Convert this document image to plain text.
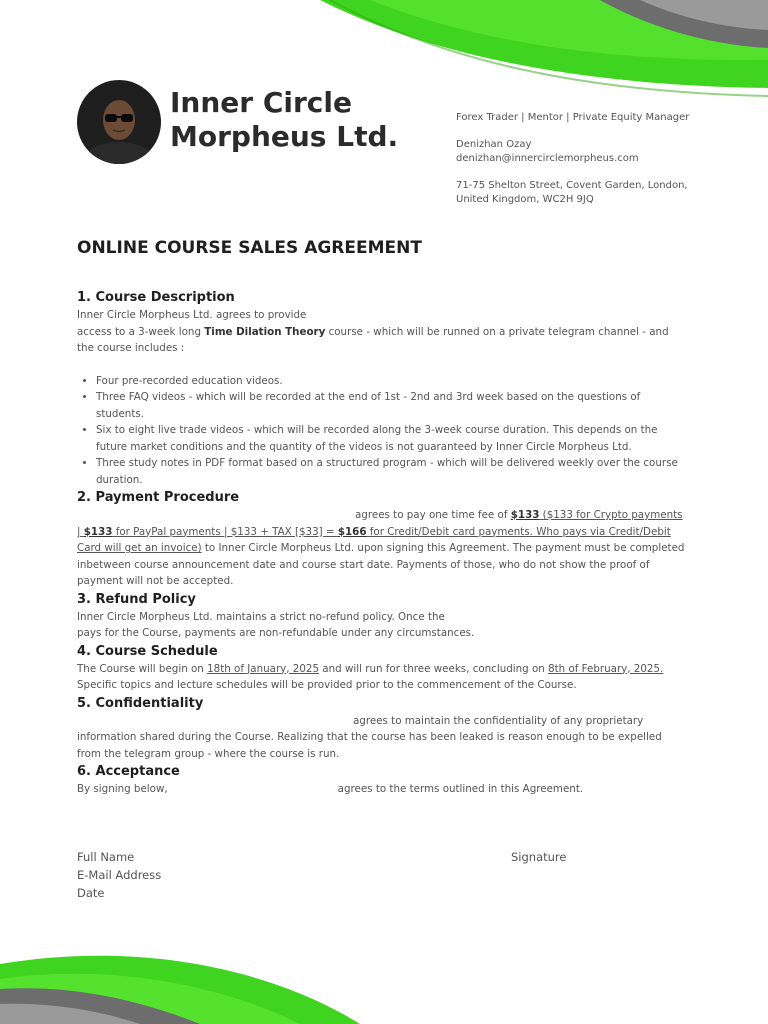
Inner Circle
Morpheus Ltd.
Forex Trader | Mentor | Private Equity Manager
Denizhan Ozay
denizhan@innercirclemorpheus.com
71-75 Shelton Street, Covent Garden, London,
United Kingdom, WC2H 9JQ
ONLINE COURSE SALES AGREEMENT
1. Course Description

Inner Circle Morpheus Ltd. agrees to provide

access to a 3-week long Time Dilation Theory course - which will be runned on a private telegram channel - and the course includes :

• Four pre-recorded education videos.
• Three FAQ videos - which will be recorded at the end of 1st - 2nd and 3rd week based on the questions of students.
• Six to eight live trade videos - which will be recorded along the 3-week course duration. This depends on the future market conditions and the quantity of the videos is not guaranteed by Inner Circle Morpheus Ltd.
• Three study notes in PDF format based on a structured program - which will be delivered weekly over the course duration.
2. Payment Procedure

agrees to pay one time fee of $133 ($133 for Crypto payments | $133 for PayPal payments | $133 + TAX [$33] = $166 for Credit/Debit card payments. Who pays via Credit/Debit Card will get an invoice) to Inner Circle Morpheus Ltd. upon signing this Agreement. The payment must be completed inbetween course announcement date and course start date. Payments of those, who do not show the proof of payment will not be accepted.

3. Refund Policy

Inner Circle Morpheus Ltd. maintains a strict no-refund policy. Once the

pays for the Course, payments are non-refundable under any circumstances.

4. Course Schedule

The Course will begin on 18th of January, 2025 and will run for three weeks, concluding on 8th of February, 2025.

Specific topics and lecture schedules will be provided prior to the commencement of the Course.

5. Confidentiality

agrees to maintain the confidentiality of any proprietary information shared during the Course. Realizing that the course has been leaked is reason enough to be expelled from the telegram group - where the course is run.

6. Acceptance

By signing below,	agrees to the terms outlined in this Agreement.

Full Name
E-Mail Address
Date
Signature
